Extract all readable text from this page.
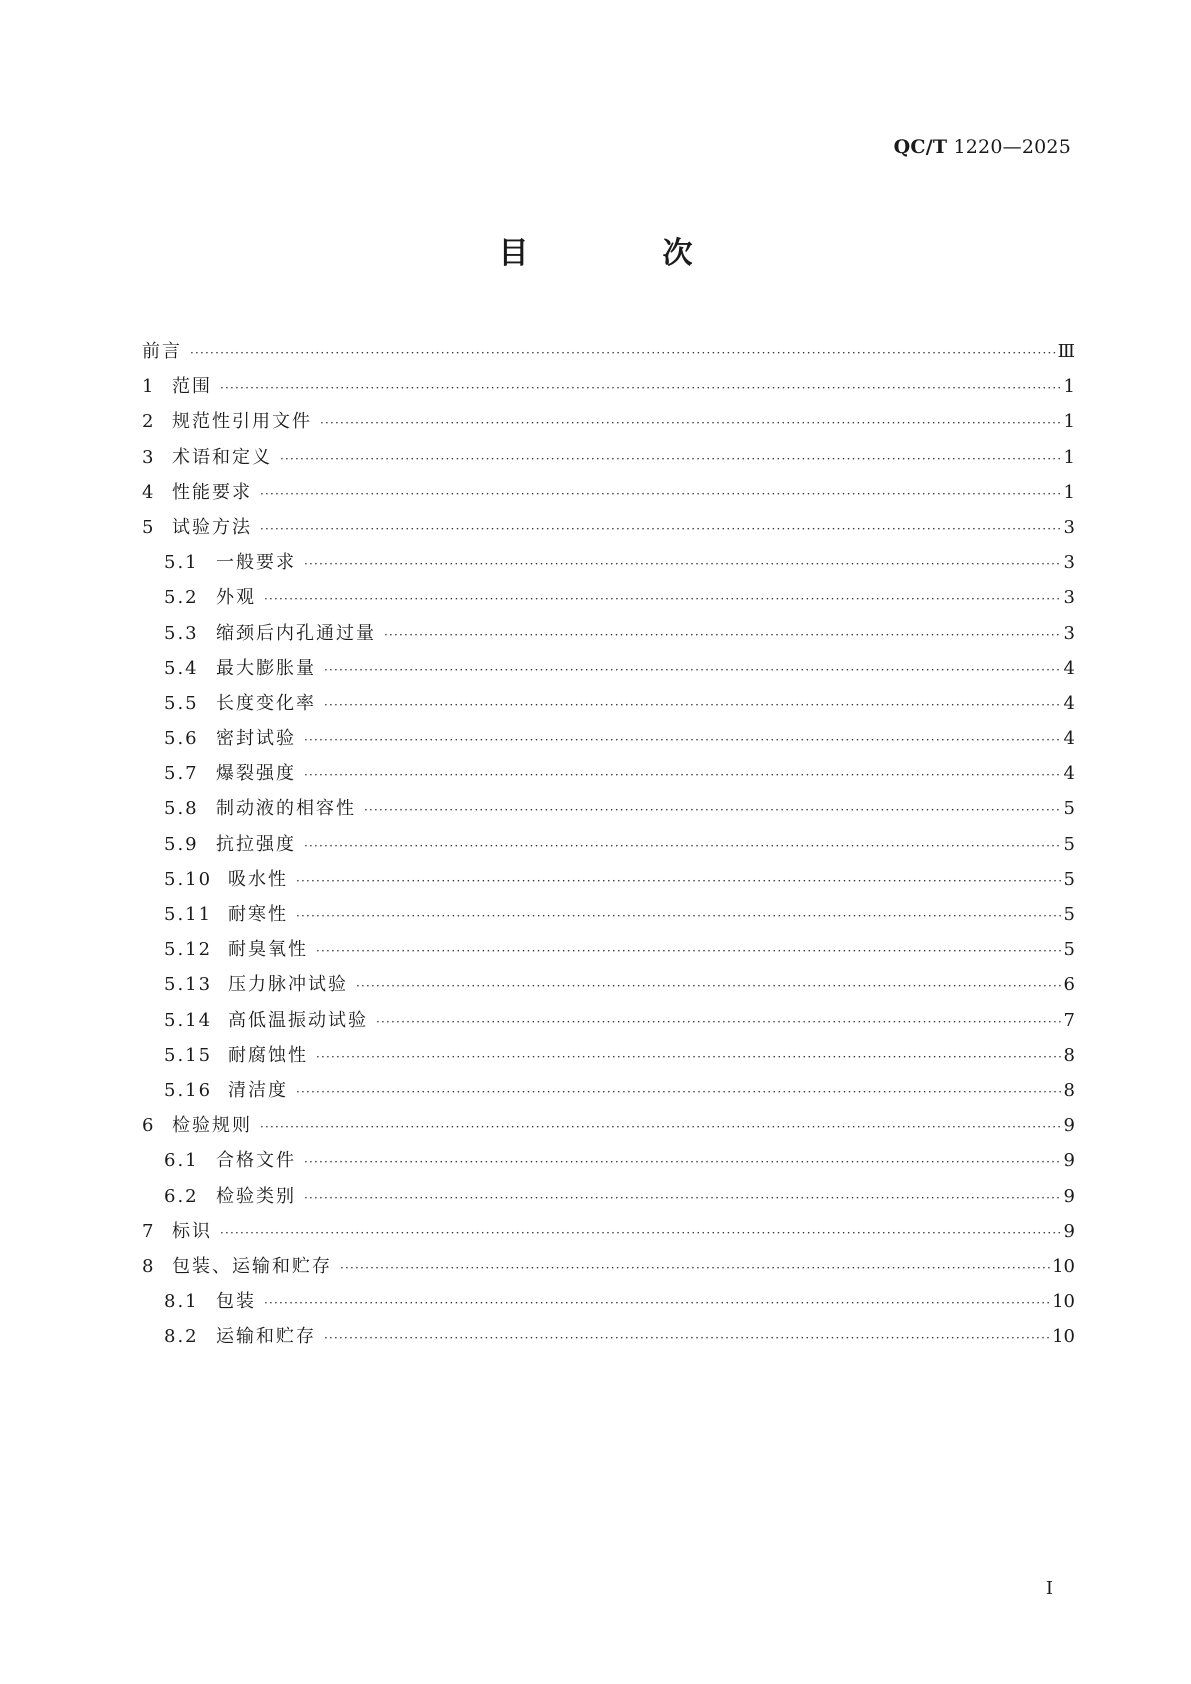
QC/T 1220—2025
目　次
前言 ·····	Ⅲ
1 范围 ·····	1
2 规范性引用文件 ·····	1
3 术语和定义 ·····	1
4 性能要求 ·····	1
5 试验方法 ·····	3
5.1 一般要求 ·····	3
5.2 外观 ·····	3
5.3 缩颈后内孔通过量 ·····	3
5.4 最大膨胀量 ·····	4
5.5 长度变化率 ·····	4
5.6 密封试验 ·····	4
5.7 爆裂强度 ·····	4
5.8 制动液的相容性 ·····	5
5.9 抗拉强度 ·····	5
5.10 吸水性 ·····	5
5.11 耐寒性 ·····	5
5.12 耐臭氧性 ·····	5
5.13 压力脉冲试验 ·····	6
5.14 高低温振动试验 ·····	7
5.15 耐腐蚀性 ·····	8
5.16 清洁度 ·····	8
6 检验规则 ·····	9
6.1 合格文件 ·····	9
6.2 检验类别 ·····	9
7 标识 ·····	9
8 包装、运输和贮存 ·····	10
8.1 包装 ·····	10
8.2 运输和贮存 ·····	10
I
